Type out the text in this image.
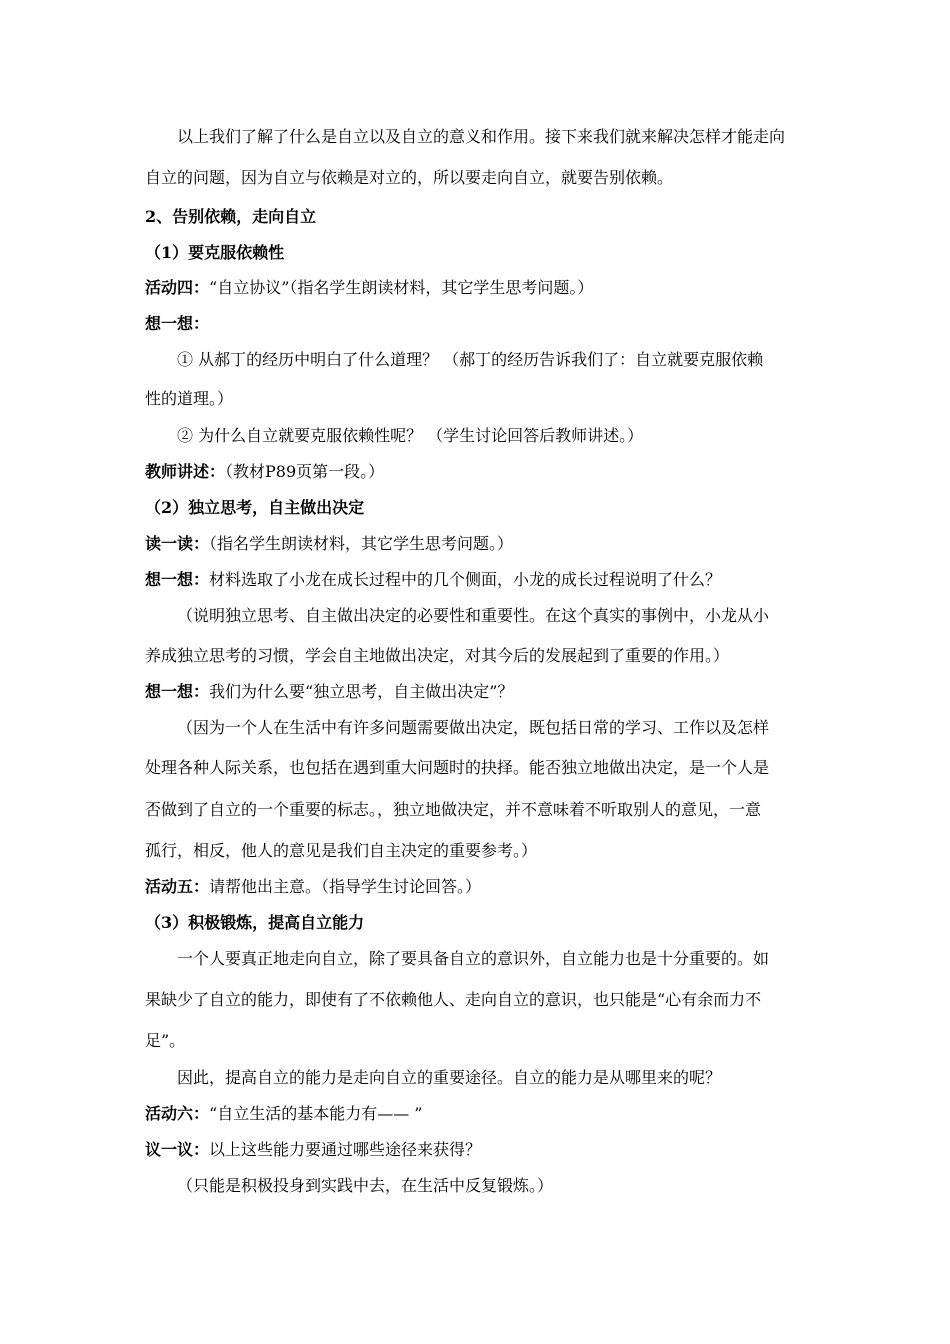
以上我们了解了什么是自立以及自立的意义和作用。接下来我们就来解决怎样才能走向
自立的问题，因为自立与依赖是对立的，所以要走向自立，就要告别依赖。
2、告别依赖，走向自立
（1）要克服依赖性
活动四：“自立协议”（指名学生朗读材料，其它学生思考问题。）
想一想：
① 从郝丁的经历中明白了什么道理？ （郝丁的经历告诉我们了：自立就要克服依赖
性的道理。）
② 为什么自立就要克服依赖性呢？ （学生讨论回答后教师讲述。）
教师讲述：（教材P89页第一段。）
（2）独立思考，自主做出决定
读一读：（指名学生朗读材料，其它学生思考问题。）
想一想：材料选取了小龙在成长过程中的几个侧面，小龙的成长过程说明了什么？
（说明独立思考、自主做出决定的必要性和重要性。在这个真实的事例中，小龙从小
养成独立思考的习惯，学会自主地做出决定，对其今后的发展起到了重要的作用。）
想一想：我们为什么要“独立思考，自主做出决定”？
（因为一个人在生活中有许多问题需要做出决定，既包括日常的学习、工作以及怎样
处理各种人际关系，也包括在遇到重大问题时的抉择。能否独立地做出决定，是一个人是
否做到了自立的一个重要的标志。，独立地做决定，并不意味着不听取别人的意见，一意
孤行，相反，他人的意见是我们自主决定的重要参考。）
活动五：请帮他出主意。（指导学生讨论回答。）
（3）积极锻炼，提高自立能力
一个人要真正地走向自立，除了要具备自立的意识外，自立能力也是十分重要的。如
果缺少了自立的能力，即使有了不依赖他人、走向自立的意识，也只能是“心有余而力不
足”。
因此，提高自立的能力是走向自立的重要途径。自立的能力是从哪里来的呢？
活动六：“自立生活的基本能力有—— ”
议一议：以上这些能力要通过哪些途径来获得？
（只能是积极投身到实践中去，在生活中反复锻炼。）
